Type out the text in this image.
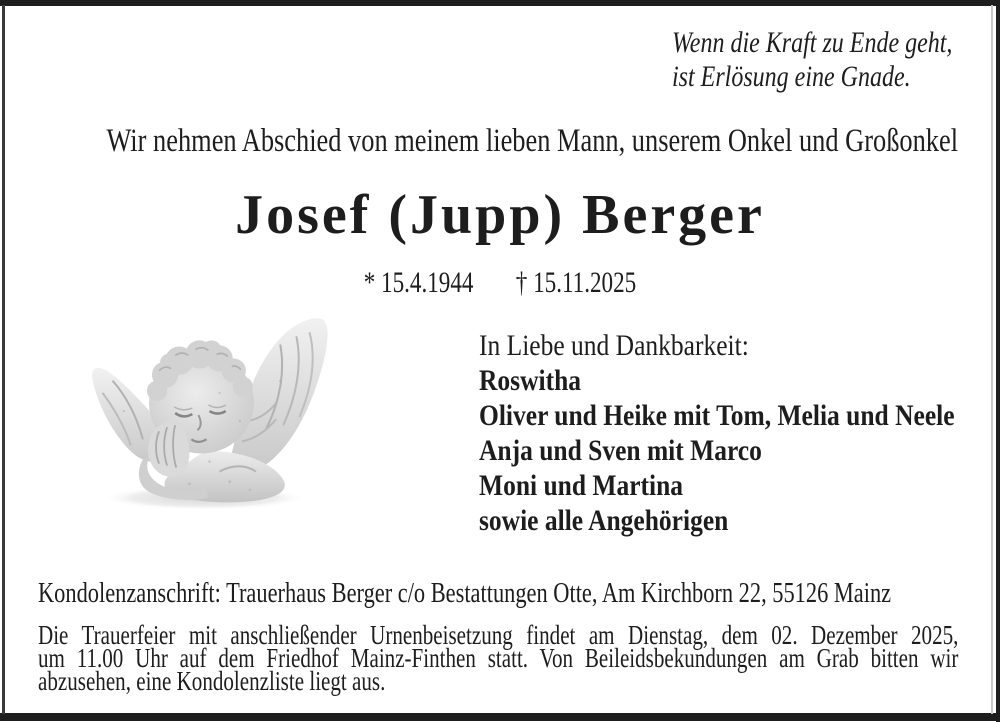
Wenn die Kraft zu Ende geht,
ist Erlösung eine Gnade.
Wir nehmen Abschied von meinem lieben Mann, unserem Onkel und Großonkel
Josef (Jupp) Berger
* 15.4.1944 † 15.11.2025
In Liebe und Dankbarkeit:
Roswitha
Oliver und Heike mit Tom, Melia und Neele
Anja und Sven mit Marco
Moni und Martina
sowie alle Angehörigen
Kondolenzanschrift: Trauerhaus Berger c/o Bestattungen Otte, Am Kirchborn 22, 55126 Mainz
Die Trauerfeier mit anschließender Urnenbeisetzung findet am Dienstag, dem 02. Dezember 2025,
um 11.00 Uhr auf dem Friedhof Mainz-Finthen statt. Von Beileidsbekundungen am Grab bitten wir
abzusehen, eine Kondolenzliste liegt aus.
